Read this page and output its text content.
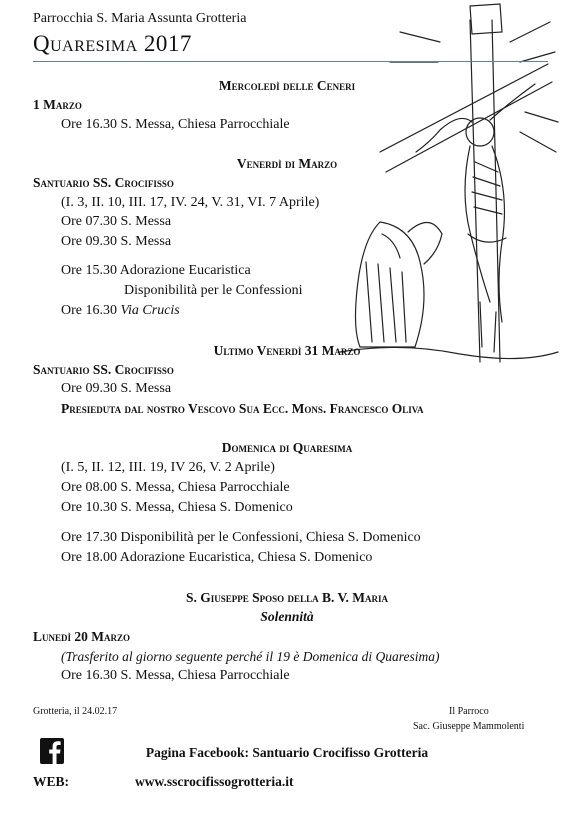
Parrocchia S. Maria Assunta Grotteria
Quaresima 2017
Mercoledì delle Ceneri
1 Marzo
Ore 16.30 S. Messa, Chiesa Parrocchiale
Venerdì di Marzo
Santuario SS. Crocifisso
(I. 3, II. 10, III. 17, IV. 24, V. 31, VI. 7 Aprile)
Ore 07.30 S. Messa
Ore 09.30 S. Messa
Ore 15.30 Adorazione Eucaristica
Disponibilità per le Confessioni
Ore 16.30 Via Crucis
Ultimo Venerdì 31 Marzo
Santuario SS. Crocifisso
Ore 09.30 S. Messa
Presieduta dal nostro Vescovo Sua Ecc. Mons. Francesco Oliva
Domenica di Quaresima
(I. 5, II. 12, III. 19, IV 26, V. 2 Aprile)
Ore 08.00 S. Messa, Chiesa Parrocchiale
Ore 10.30 S. Messa, Chiesa S. Domenico
Ore 17.30 Disponibilità per le Confessioni, Chiesa S. Domenico
Ore 18.00 Adorazione Eucaristica, Chiesa S. Domenico
S. Giuseppe Sposo della B. V. Maria
Solennità
Lunedì 20 Marzo
(Trasferito al giorno seguente perché il 19 è Domenica di Quaresima)
Ore 16.30 S. Messa, Chiesa Parrocchiale
Grotteria, il 24.02.17	Il Parroco
Sac. Giuseppe Mammolenti
Pagina Facebook: Santuario Crocifisso Grotteria
WEB:	www.sscrocifissogrotteria.it
